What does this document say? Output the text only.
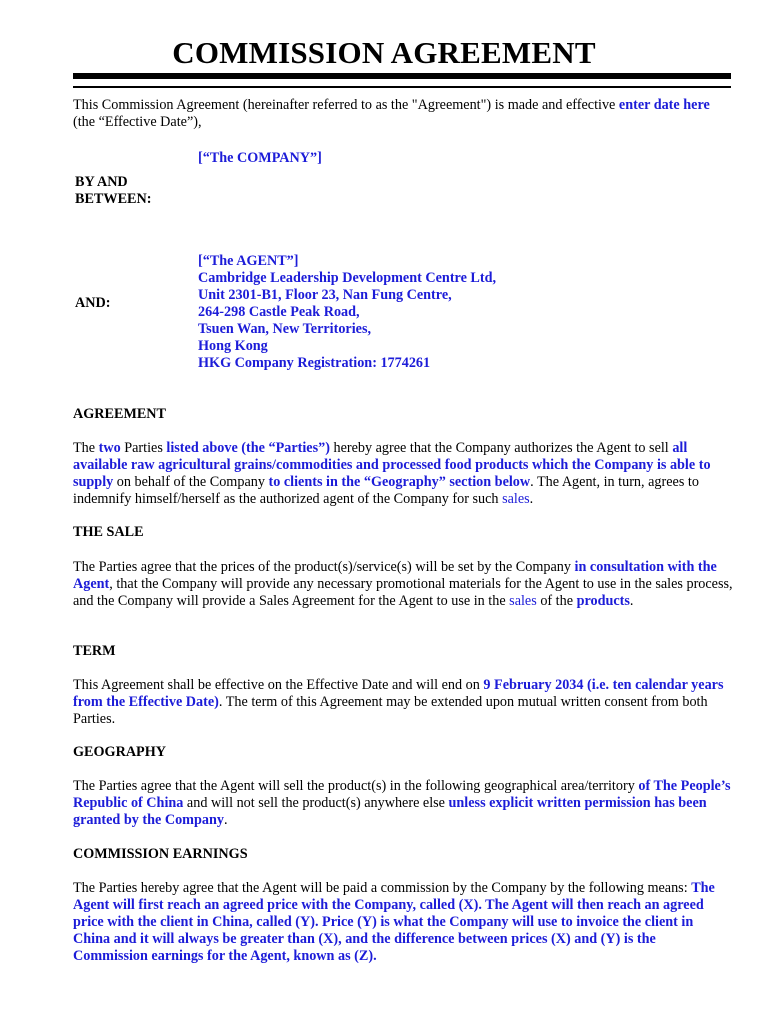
COMMISSION AGREEMENT

This Commission Agreement (hereinafter referred to as the "Agreement") is made and effective enter date here (the “Effective Date”),

[“The COMPANY”]
BY AND
BETWEEN:
AND:
[“The AGENT”]
Cambridge Leadership Development Centre Ltd,
Unit 2301-B1, Floor 23, Nan Fung Centre,
264-298 Castle Peak Road,
Tsuen Wan, New Territories,
Hong Kong
HKG Company Registration: 1774261
AGREEMENT

The two Parties listed above (the “Parties”) hereby agree that the Company authorizes the Agent to sell all available raw agricultural grains/commodities and processed food products which the Company is able to supply on behalf of the Company to clients in the “Geography” section below. The Agent, in turn, agrees to indemnify himself/herself as the authorized agent of the Company for such sales.

THE SALE

The Parties agree that the prices of the product(s)/service(s) will be set by the Company in consultation with the Agent, that the Company will provide any necessary promotional materials for the Agent to use in the sales process, and the Company will provide a Sales Agreement for the Agent to use in the sales of the products.

TERM

This Agreement shall be effective on the Effective Date and will end on 9 February 2034 (i.e. ten calendar years from the Effective Date). The term of this Agreement may be extended upon mutual written consent from both Parties.

GEOGRAPHY

The Parties agree that the Agent will sell the product(s) in the following geographical area/territory of The People’s Republic of China and will not sell the product(s) anywhere else unless explicit written permission has been granted by the Company.

COMMISSION EARNINGS

The Parties hereby agree that the Agent will be paid a commission by the Company by the following means: The Agent will first reach an agreed price with the Company, called (X). The Agent will then reach an agreed price with the client in China, called (Y). Price (Y) is what the Company will use to invoice the client in China and it will always be greater than (X), and the difference between prices (X) and (Y) is the Commission earnings for the Agent, known as (Z).
